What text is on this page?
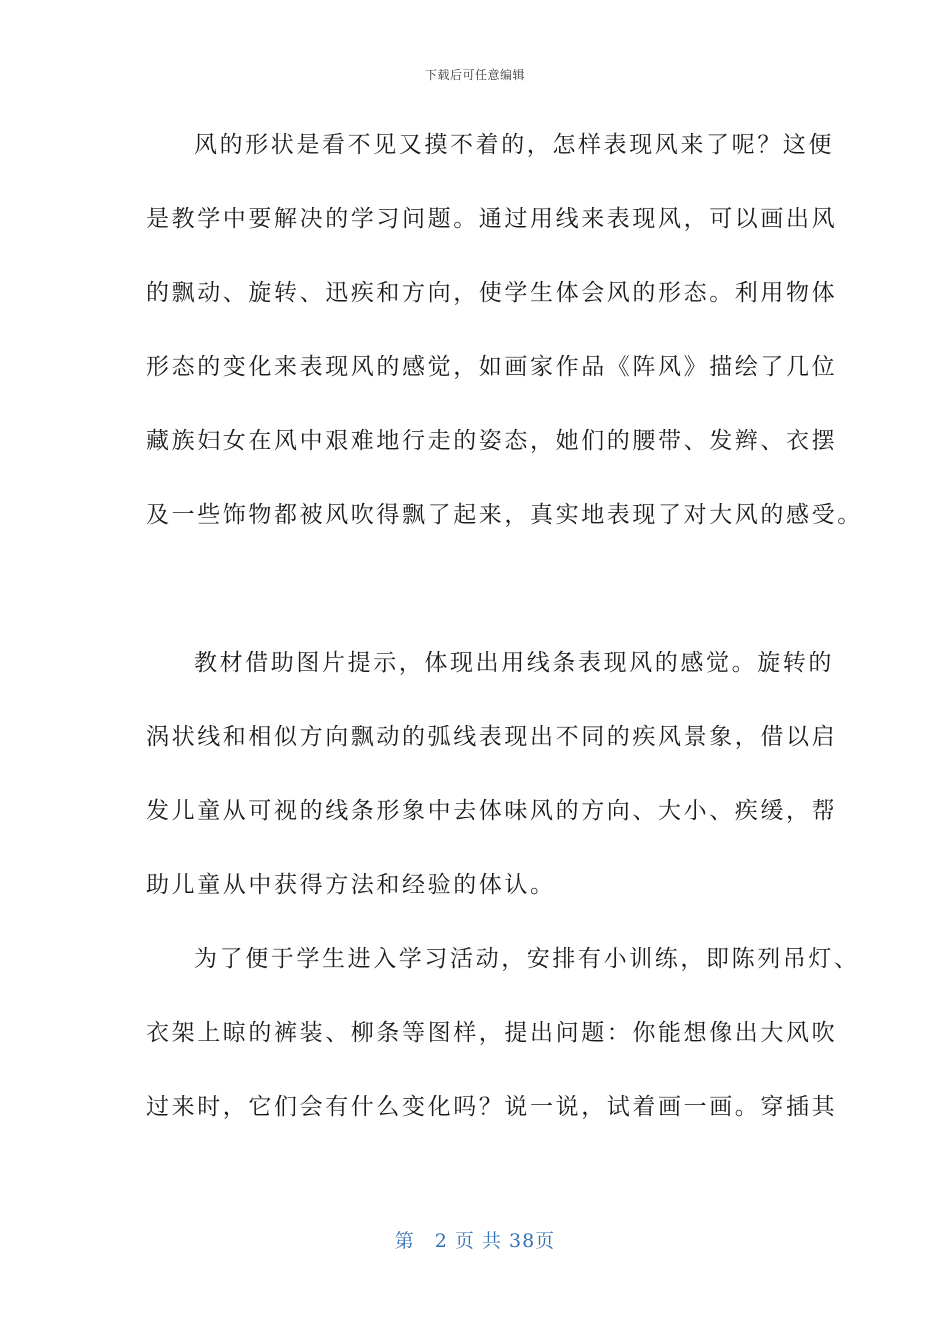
下载后可任意编辑
风的形状是看不见又摸不着的，怎样表现风来了呢？这便
是教学中要解决的学习问题。通过用线来表现风，可以画出风
的飘动、旋转、迅疾和方向，使学生体会风的形态。利用物体
形态的变化来表现风的感觉，如画家作品《阵风》描绘了几位
藏族妇女在风中艰难地行走的姿态，她们的腰带、发辫、衣摆
及一些饰物都被风吹得飘了起来，真实地表现了对大风的感受。
教材借助图片提示，体现出用线条表现风的感觉。旋转的
涡状线和相似方向飘动的弧线表现出不同的疾风景象，借以启
发儿童从可视的线条形象中去体味风的方向、大小、疾缓，帮
助儿童从中获得方法和经验的体认。
为了便于学生进入学习活动，安排有小训练，即陈列吊灯、
衣架上晾的裤装、柳条等图样，提出问题：你能想像出大风吹
过来时，它们会有什么变化吗？说一说，试着画一画。穿插其
第　2 页 共 38页
